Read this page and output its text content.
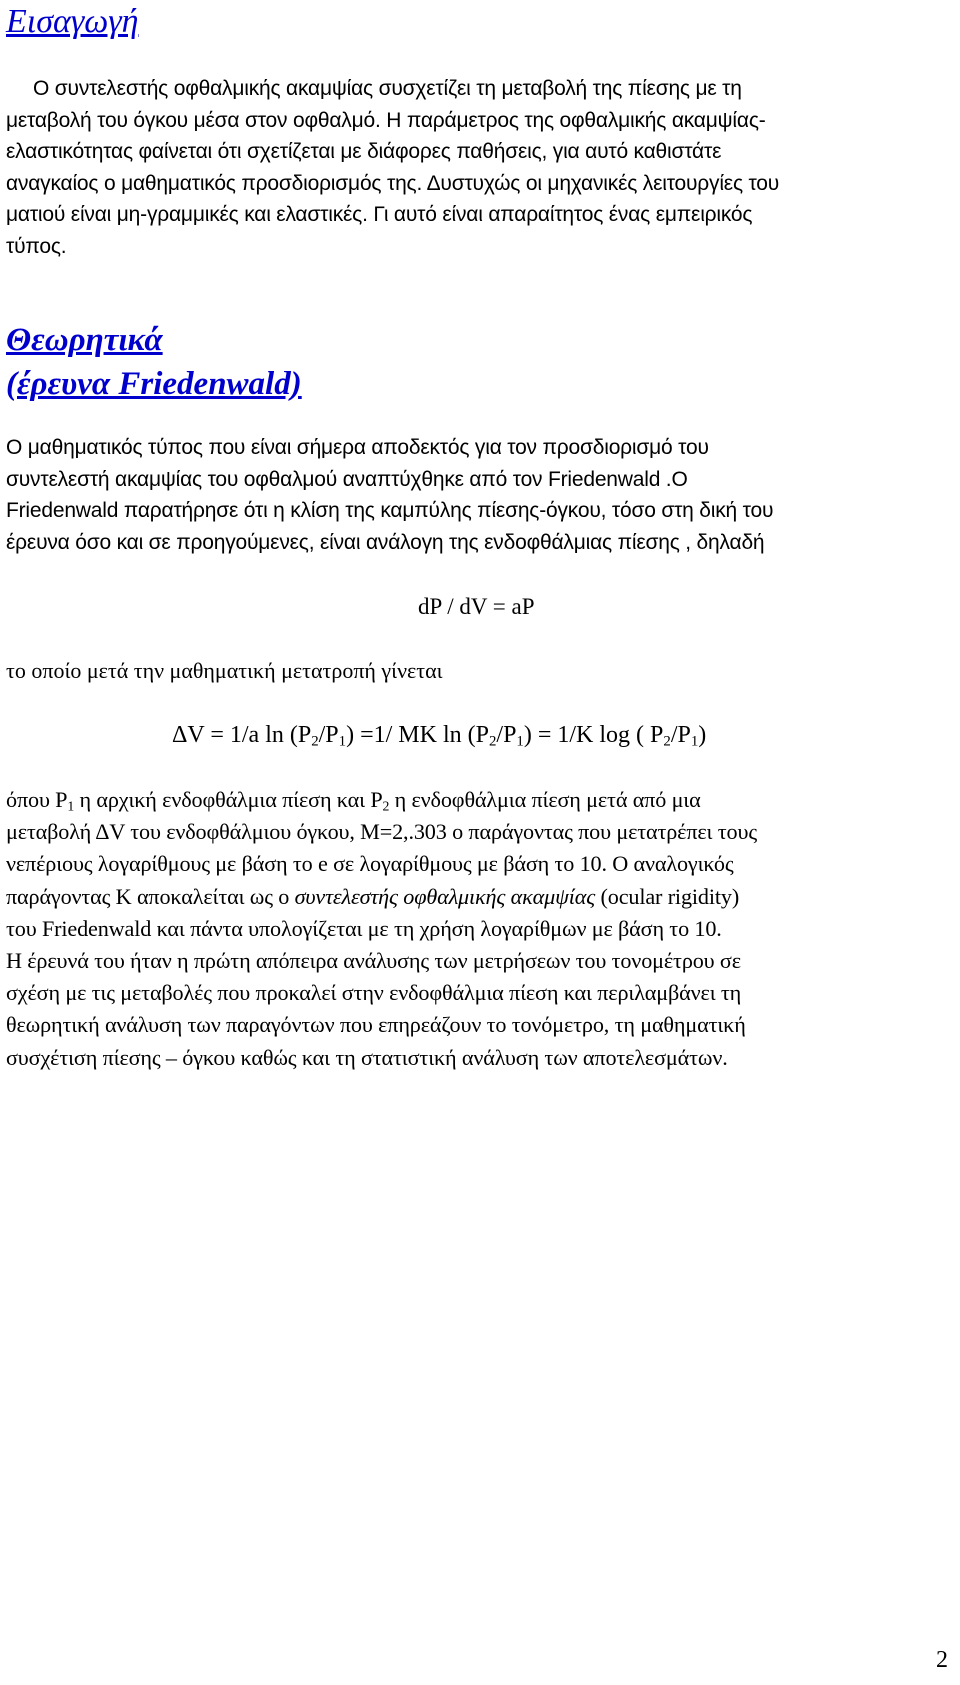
Εισαγωγή

Ο συντελεστής οφθαλμικής ακαμψίας συσχετίζει τη μεταβολή της πίεσης με τη
μεταβολή του όγκου μέσα στον οφθαλμό. Η παράμετρος της οφθαλμικής ακαμψίας-
ελαστικότητας φαίνεται ότι σχετίζεται με διάφορες παθήσεις, για αυτό καθιστάτε
αναγκαίος ο μαθηματικός προσδιορισμός της. Δυστυχώς οι μηχανικές λειτουργίες του
ματιού είναι μη-γραμμικές και ελαστικές. Γι αυτό είναι απαραίτητος ένας εμπειρικός
τύπος.

Θεωρητικά
(έρευνα Friedenwald)

Ο μαθηματικός τύπος που είναι σήμερα αποδεκτός για τον προσδιορισμό του
συντελεστή ακαμψίας του οφθαλμού αναπτύχθηκε από τον Friedenwald .O
Friedenwald παρατήρησε ότι η κλίση της καμπύλης πίεσης-όγκου, τόσο στη δική του
έρευνα όσο και σε προηγούμενες, είναι ανάλογη της ενδοφθάλμιας πίεσης , δηλαδή

dP / dV = aP
το οποίο μετά την μαθηματική μετατροπή γίνεται
ΔV = 1/a $\ln (P_2/P_1) =1/$ MK $\ln (P_2/P_1) = 1/K$ log ( $P_2/P_1$)

όπου $P_1$ η αρχική ενδοφθάλμια πίεση και $P_2$ η ενδοφθάλμια πίεση μετά από μια
μεταβολή ΔV του ενδοφθάλμιου όγκου, M=2,.303 ο παράγοντας που μετατρέπει τους
νεπέριους λογαρίθμους με βάση το e σε λογαρίθμους με βάση το 10. Ο αναλογικός
παράγοντας Κ αποκαλείται ως ο συντελεστής οφθαλμικής ακαμψίας (ocular rigidity)
του Friedenwald και πάντα υπολογίζεται με τη χρήση λογαρίθμων με βάση το 10.
Η έρευνά του ήταν η πρώτη απόπειρα ανάλυσης των μετρήσεων του τονομέτρου σε
σχέση με τις μεταβολές που προκαλεί στην ενδοφθάλμια πίεση και περιλαμβάνει τη
θεωρητική ανάλυση των παραγόντων που επηρεάζουν το τονόμετρο, τη μαθηματική
συσχέτιση πίεσης – όγκου καθώς και τη στατιστική ανάλυση των αποτελεσμάτων.

2
